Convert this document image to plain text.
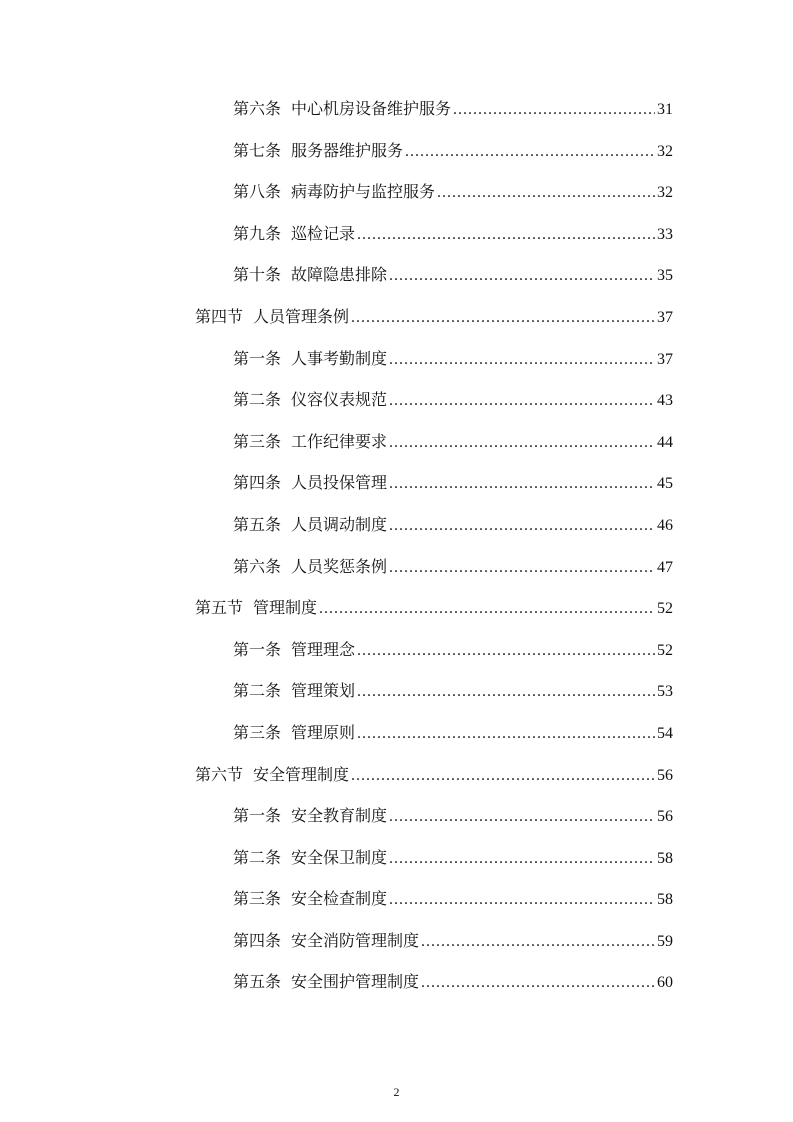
第六条 中心机房设备维护服务 .....	31
第七条 服务器维护服务 .....	32
第八条 病毒防护与监控服务 .....	32
第九条 巡检记录 .....	33
第十条 故障隐患排除 .....	35
第四节 人员管理条例 .....	37
第一条 人事考勤制度 .....	37
第二条 仪容仪表规范 .....	43
第三条 工作纪律要求 .....	44
第四条 人员投保管理 .....	45
第五条 人员调动制度 .....	46
第六条 人员奖惩条例 .....	47
第五节 管理制度 .....	52
第一条 管理理念 .....	52
第二条 管理策划 .....	53
第三条 管理原则 .....	54
第六节 安全管理制度 .....	56
第一条 安全教育制度 .....	56
第二条 安全保卫制度 .....	58
第三条 安全检查制度 .....	58
第四条 安全消防管理制度 .....	59
第五条 安全围护管理制度 .....	60
2
